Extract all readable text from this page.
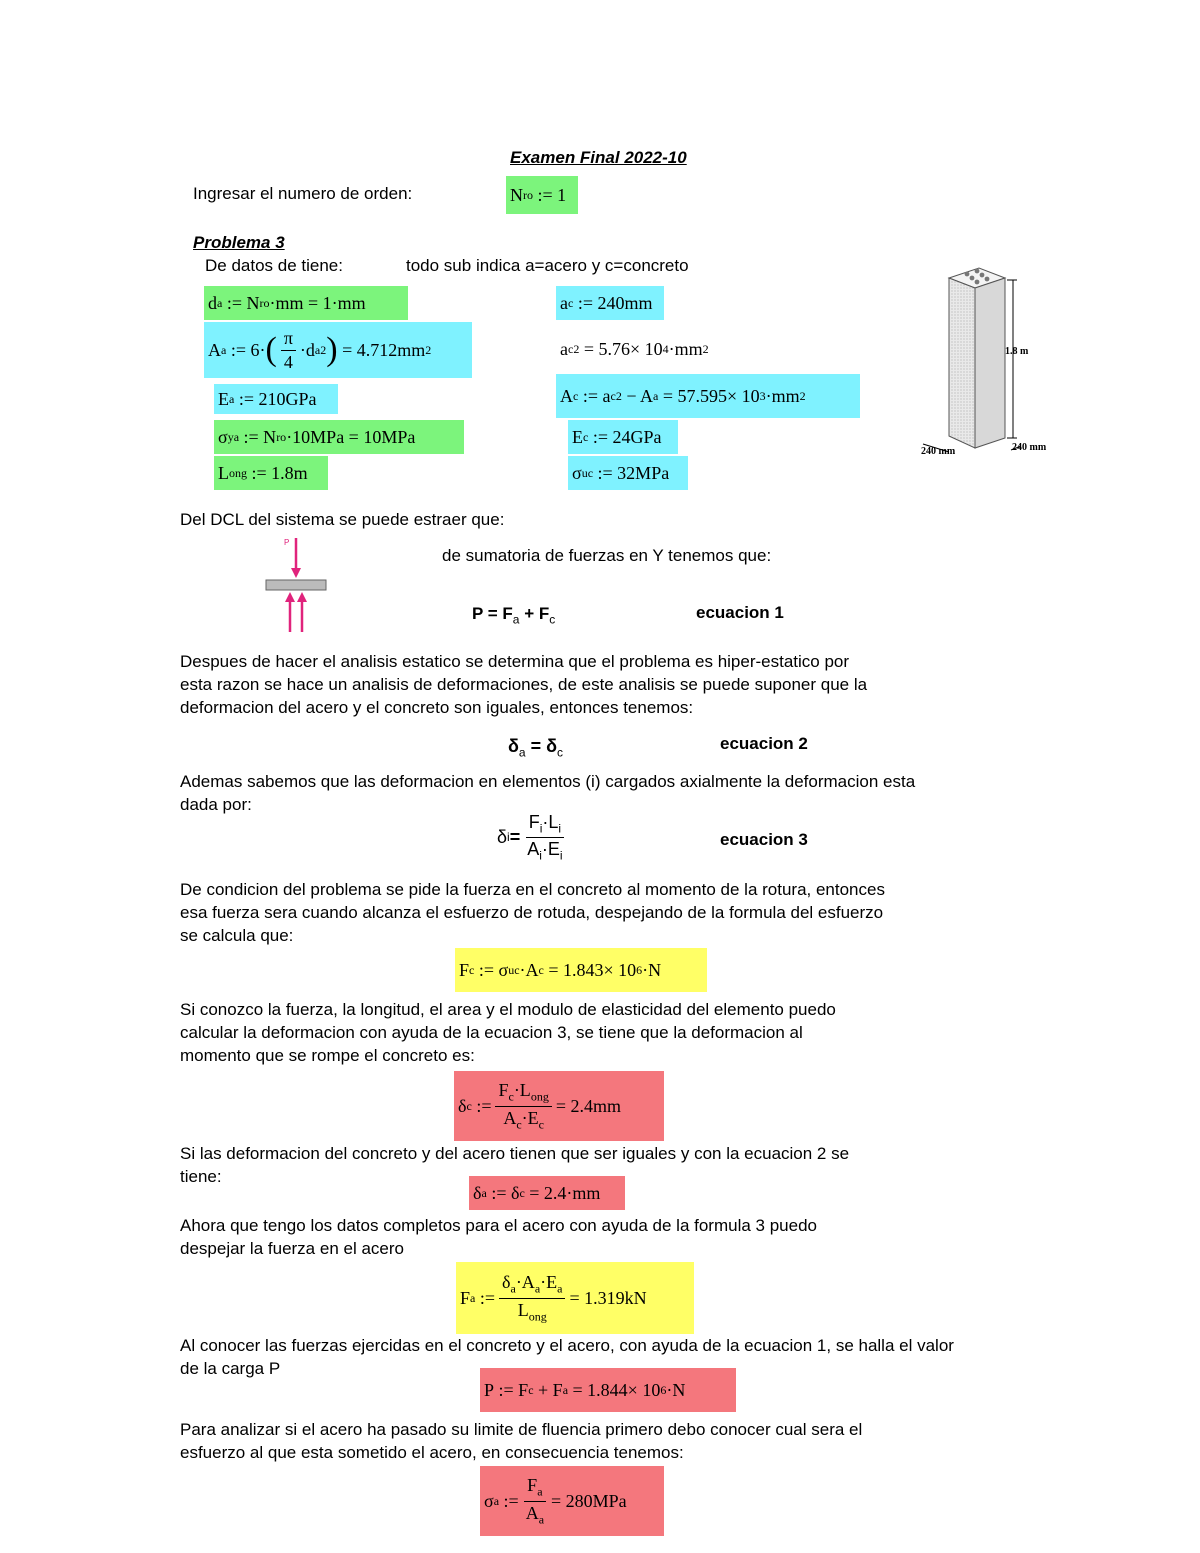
Examen Final 2022-10
Ingresar el numero de orden:	N ro
:= 1
Problema 3
De datos de tiene:	todo sub indica a=acero y c=concreto
d a
:= N ro ·mm = 1·mm
A a
:= 6· ( $\frac{\pi}{4} \cdot d$ a 2 )
= 4.712mm 2
E a
:= 210GPa
σ ya
:= N ro ·10MPa = 10MPa
L ong
:= 1.8m
a c
:= 240mm
a c 2
= 5.76× 10 4 ·mm 2
A c
:= a c 2
− A a
= 57.595× 10 3 ·mm 2
E c
:= 24GPa
σ uc
:= 32MPa
1.8 m
240 mm	240 mm
Del DCL del sistema se puede estraer que:
P
de sumatoria de fuerzas en Y tenemos que:
$P = F_a + F_c$	ecuacion 1
Despues de hacer el analisis estatico se determina que el problema es hiper-estatico por
esta razon se hace un analisis de deformaciones, de este analisis se puede suponer que la
deformacion del acero y el concreto son iguales, entonces tenemos:
$\delta_a = \delta_c$	ecuacion 2
Ademas sabemos que las deformacion en elementos (i) cargados axialmente la deformacion esta
dada por:
δ $i = \frac{F_i\cdot L_i}{A_i\cdot E_i}$	ecuacion 3
De condicion del problema se pide la fuerza en el concreto al momento de la rotura, entonces
esa fuerza sera cuando alcanza el esfuerzo de rotuda, despejando de la formula del esfuerzo
se calcula que:
F c
:= σ uc ·A c
= 1.843× 10 6 ·N
Si conozco la fuerza, la longitud, el area y el modulo de elasticidad del elemento puedo
calcular la deformacion con ayuda de la ecuacion 3, se tiene que la deformacion al
momento que se rompe el concreto es:
δ c
:= $\frac{F_c\cdot L_{ong}}{A_c\cdot E_c} = 2.4mm$
Si las deformacion del concreto y del acero tienen que ser iguales y con la ecuacion 2 se
tiene:
δ a
:= δ c
= 2.4·mm
Ahora que tengo los datos completos para el acero con ayuda de la formula 3 puedo
despejar la fuerza en el acero
F a
:= $\frac{\delta_a\cdot A_a\cdot E_a}{L_{ong}} = 1.319kN$
Al conocer las fuerzas ejercidas en el concreto y el acero, con ayuda de la ecuacion 1, se halla el valor
de la carga P
P
:= F c
+ F a
= 1.844× 10 6 ·N
Para analizar si el acero ha pasado su limite de fluencia primero debo conocer cual sera el
esfuerzo al que esta sometido el acero, en consecuencia tenemos:
σ a
:= $\frac{F_a}{A_a} = 280MPa$
